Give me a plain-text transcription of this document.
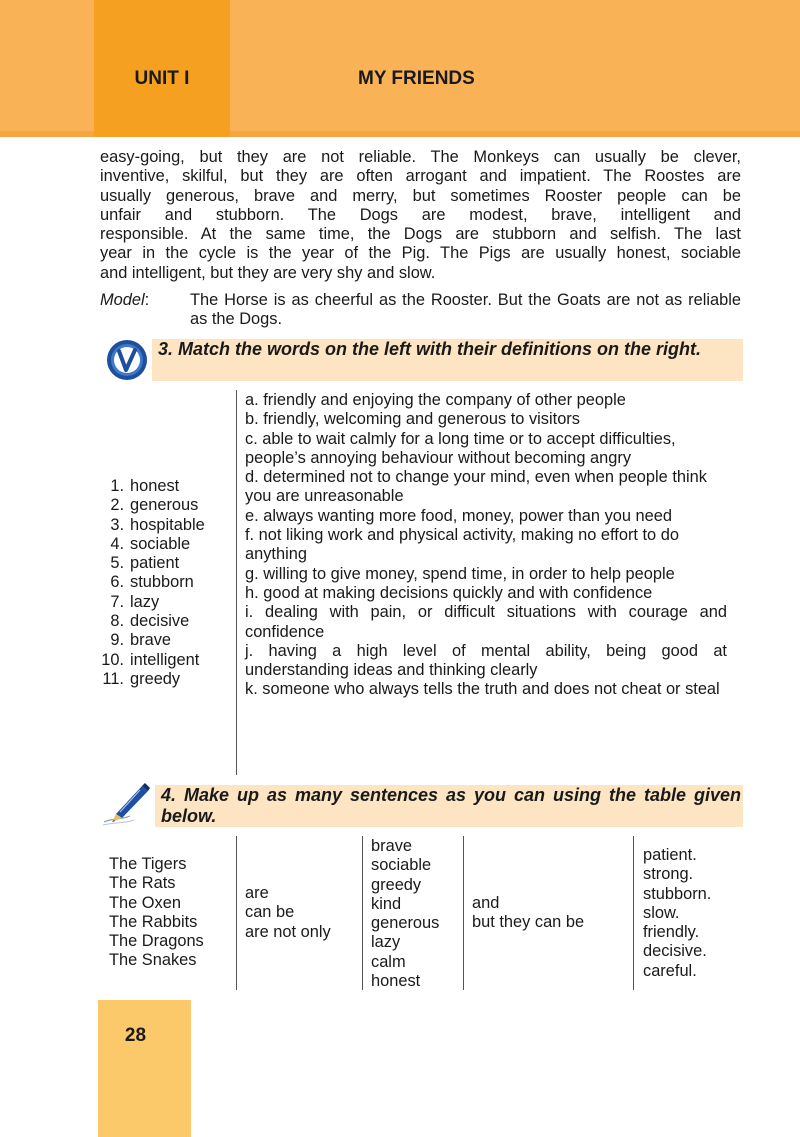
UNIT I	MY FRIENDS
easy-going, but they are not reliable. The Monkeys can usually be clever,
inventive, skilful, but they are often arrogant and impatient. The Roostes are
usually generous, brave and merry, but sometimes Rooster people can be
unfair and stubborn. The Dogs are modest, brave, intelligent and
responsible. At the same time, the Dogs are stubborn and selfish. The last
year in the cycle is the year of the Pig. The Pigs are usually honest, sociable
and intelligent, but they are very shy and slow.
Model: The Horse is as cheerful as the Rooster. But the Goats are not as reliable as the Dogs.
3. Match the words on the left with their definitions on the right.
1. honest
2. generous
3. hospitable
4. sociable
5. patient
6. stubborn
7. lazy
8. decisive
9. brave
10. intelligent
11. greedy
a. friendly and enjoying the company of other people
b. friendly, welcoming and generous to visitors
c. able to wait calmly for a long time or to accept difficulties, people’s annoying behaviour without becoming angry
d. determined not to change your mind, even when people think you are unreasonable
e. always wanting more food, money, power than you need
f. not liking work and physical activity, making no effort to do anything
g. willing to give money, spend time, in order to help people
h. good at making decisions quickly and with confidence
i. dealing with pain, or difficult situations with courage and confidence
j. having a high level of mental ability, being good at understanding ideas and thinking clearly
k. someone who always tells the truth and does not cheat or steal
4. Make up as many sentences as you can using the table given below.
The Tigers
The Rats
The Oxen
The Rabbits
The Dragons
The Snakes
are
can be
are not only
brave
sociable
greedy
kind
generous
lazy
calm
honest
and
but they can be
patient.
strong.
stubborn.
slow.
friendly.
decisive.
careful.
28
